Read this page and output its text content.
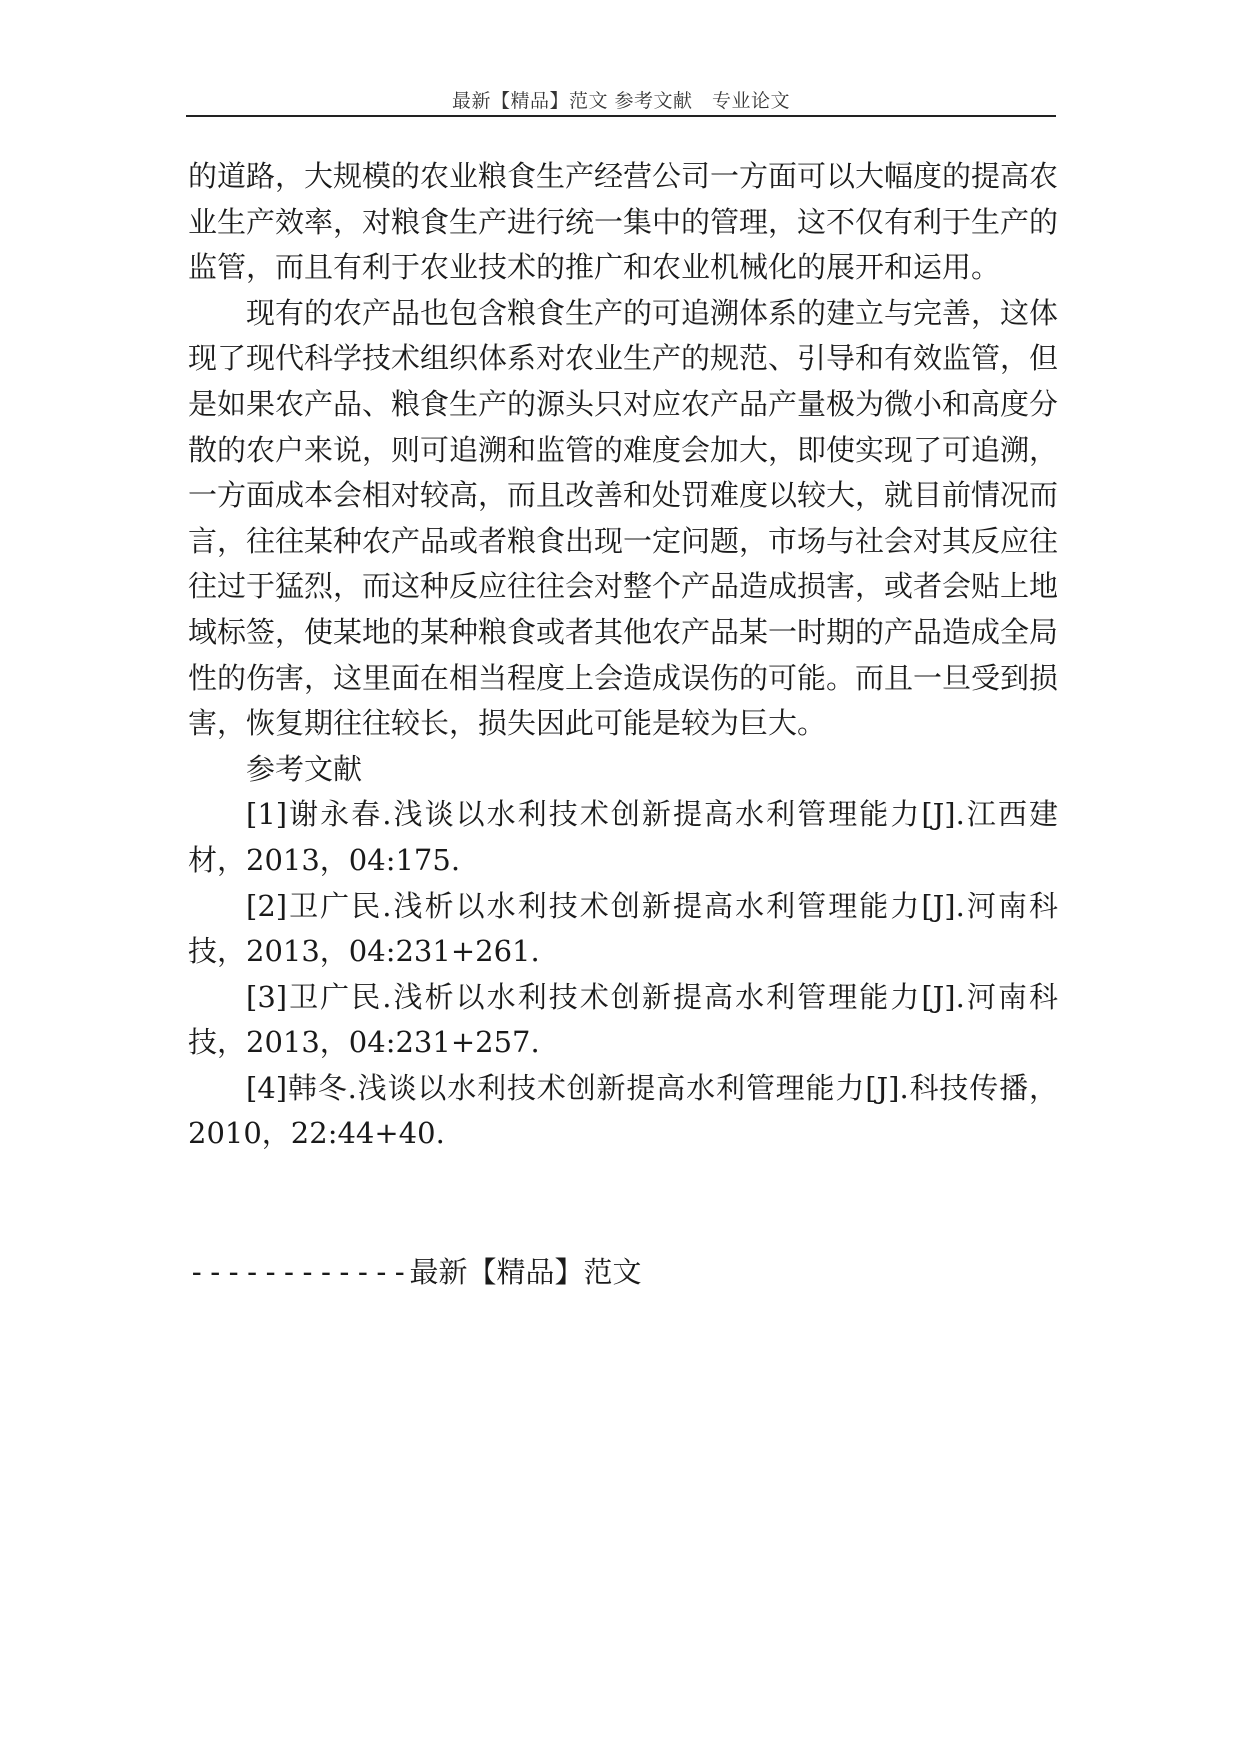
最新【精品】范文 参考文献　专业论文

的道路，大规模的农业粮食生产经营公司一方面可以大幅度的提高农业生产效率，对粮食生产进行统一集中的管理，这不仅有利于生产的监管，而且有利于农业技术的推广和农业机械化的展开和运用。

现有的农产品也包含粮食生产的可追溯体系的建立与完善，这体现了现代科学技术组织体系对农业生产的规范、引导和有效监管，但是如果农产品、粮食生产的源头只对应农产品产量极为微小和高度分散的农户来说，则可追溯和监管的难度会加大，即使实现了可追溯，一方面成本会相对较高，而且改善和处罚难度以较大，就目前情况而言，往往某种农产品或者粮食出现一定问题，市场与社会对其反应往往过于猛烈，而这种反应往往会对整个产品造成损害，或者会贴上地域标签，使某地的某种粮食或者其他农产品某一时期的产品造成全局性的伤害，这里面在相当程度上会造成误伤的可能。而且一旦受到损害，恢复期往往较长，损失因此可能是较为巨大。

参考文献

[1]谢永春.浅谈以水利技术创新提高水利管理能力[J].江西建材，2013，04:175.

[2]卫广民.浅析以水利技术创新提高水利管理能力[J].河南科技，2013，04:231+261.

[3]卫广民.浅析以水利技术创新提高水利管理能力[J].河南科技，2013，04:231+257.

[4]韩冬.浅谈以水利技术创新提高水利管理能力[J].科技传播，2010，22:44+40.

------------最新【精品】范文
